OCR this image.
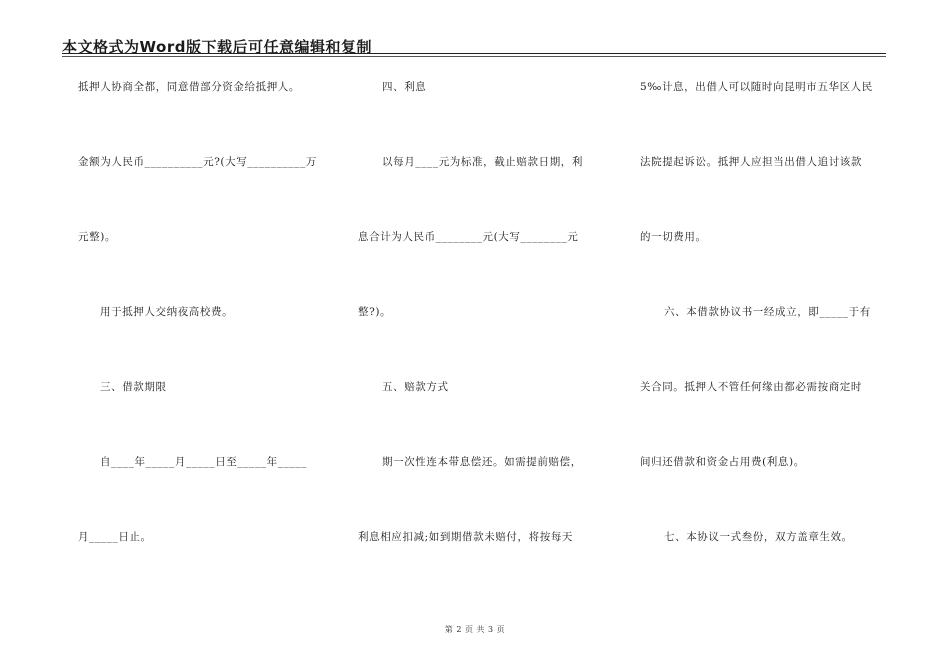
本文格式为Word版下载后可任意编辑和复制
抵押人协商全都，同意借部分资金给抵押人。
金额为人民币__________元?(大写__________万
元整)。
用于抵押人交纳夜高校费。
三、借款期限
自____年_____月_____日至_____年_____
月_____日止。
四、利息
以每月____元为标准，截止赔款日期，利
息合计为人民币________元(大写________元
整?)。
五、赔款方式
期一次性连本带息偿还。如需提前赔偿，
利息相应扣减;如到期借款未赔付，将按每天
5‰计息，出借人可以随时向昆明市五华区人民
法院提起诉讼。抵押人应担当出借人追讨该款
的一切费用。
六、本借款协议书一经成立，即_____于有
关合同。抵押人不管任何缘由都必需按商定时
间归还借款和资金占用费(利息)。
七、本协议一式叁份，双方盖章生效。
第 2 页 共 3 页
